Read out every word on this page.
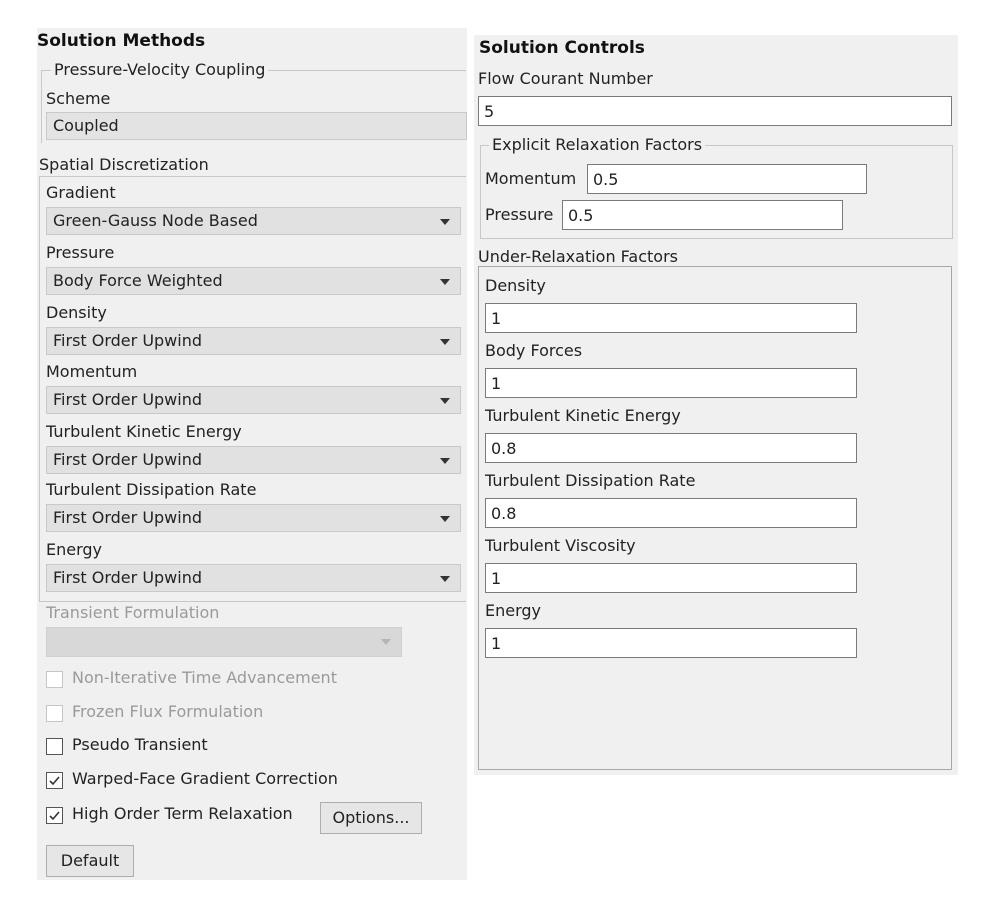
Solution Methods
Pressure-Velocity Coupling
Scheme
Coupled
Spatial Discretization
Gradient
Green-Gauss Node Based
Pressure
Body Force Weighted
Density
First Order Upwind
Momentum
First Order Upwind
Turbulent Kinetic Energy
First Order Upwind
Turbulent Dissipation Rate
First Order Upwind
Energy
First Order Upwind
Transient Formulation
Non-Iterative Time Advancement
Frozen Flux Formulation
Pseudo Transient
Warped-Face Gradient Correction
High Order Term Relaxation	Options...
Default
Solution Controls
Flow Courant Number
5
Explicit Relaxation Factors
Momentum
0.5
Pressure
0.5
Under-Relaxation Factors
Density
1
Body Forces
1
Turbulent Kinetic Energy
0.8
Turbulent Dissipation Rate
0.8
Turbulent Viscosity
1
Energy
1
